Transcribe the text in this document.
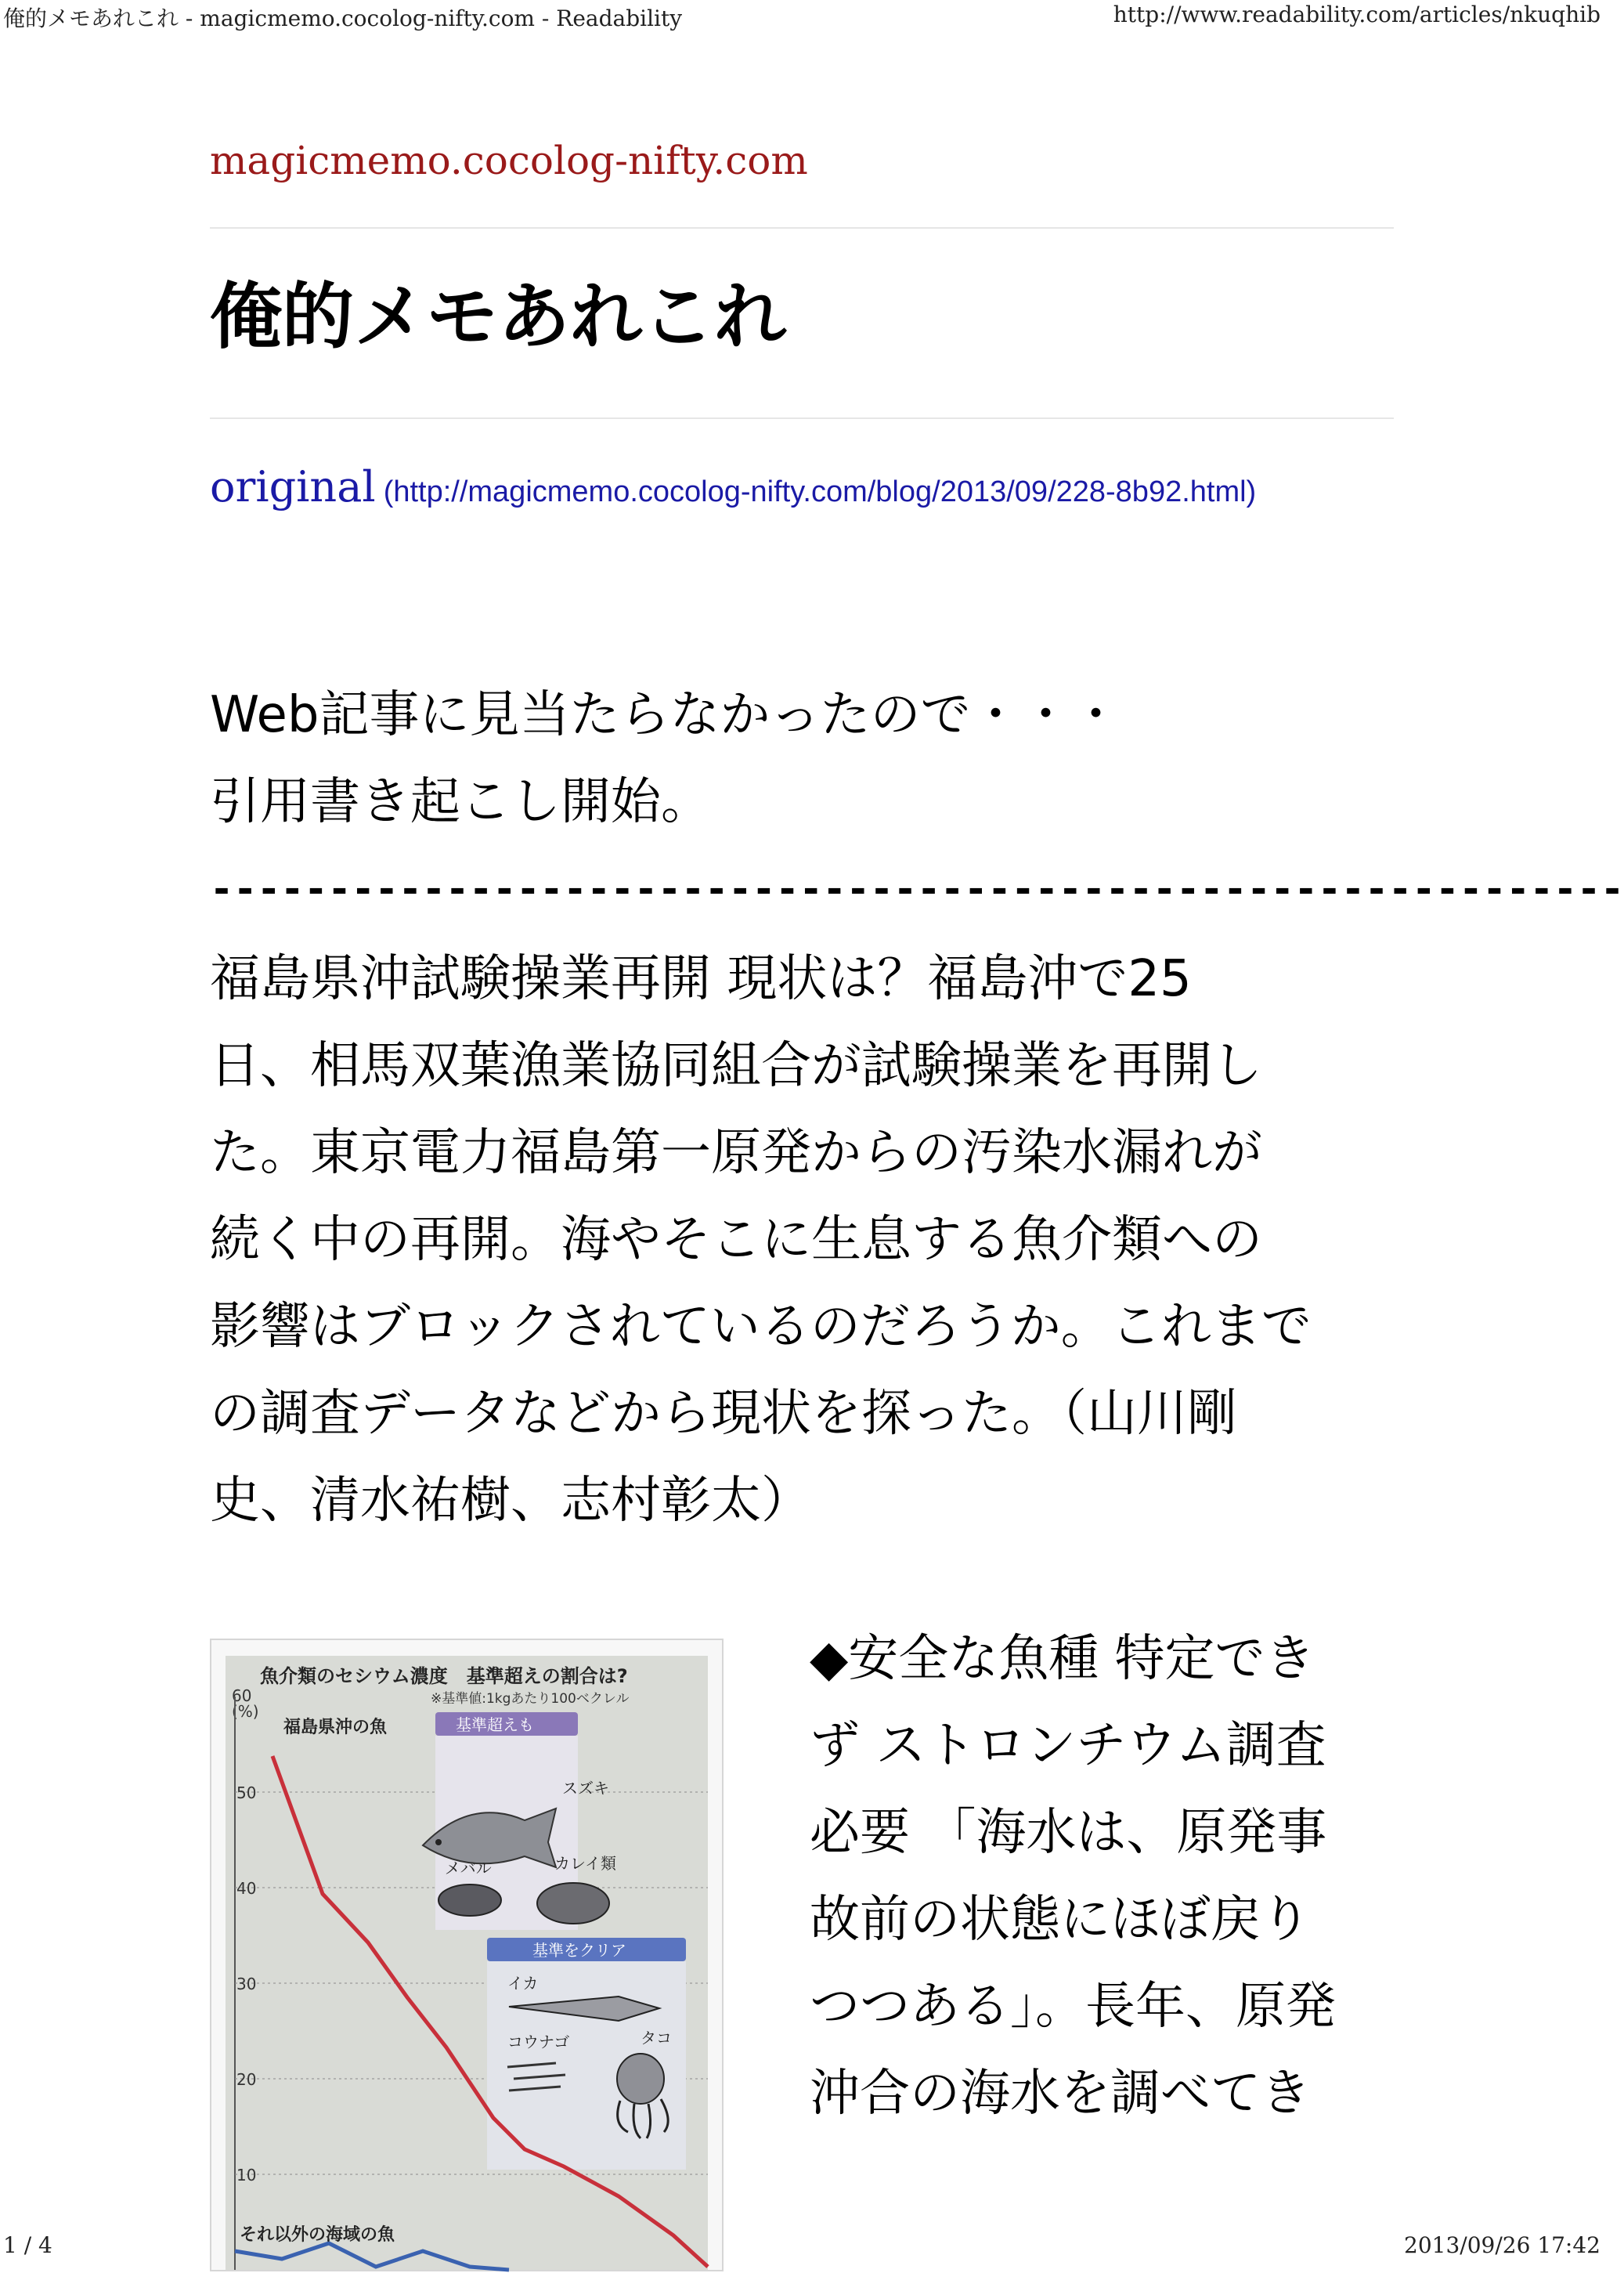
俺的メモあれこれ - magicmemo.cocolog-nifty.com - Readability	http://www.readability.com/articles/nkuqhib
magicmemo.cocolog-nifty.com
俺的メモあれこれ
original (http://magicmemo.cocolog-nifty.com/blog/2013/09/228-8b92.html)
Web記事に見当たらなかったので・・・
引用書き起こし開始。
------------------------------------------------------------
福島県沖試験操業再開 現状は？福島沖で25
日、相馬双葉漁業協同組合が試験操業を再開し
た。東京電力福島第一原発からの汚染水漏れが
続く中の再開。海やそこに生息する魚介類への
影響はブロックされているのだろうか。これまで
の調査データなどから現状を探った。（山川剛
史、清水祐樹、志村彰太）
魚介類のセシウム濃度　基準超えの割合は?
※基準値:1kgあたり100ベクレル
60
(%)
50
40
30
20
10
福島県沖の魚	基準超えも
スズキ
メバル	カレイ類
基準をクリア
イカ
コウナゴ	タコ
それ以外の海域の魚
◆安全な魚種 特定でき
ず ストロンチウム調査
必要 「海水は、原発事
故前の状態にほぼ戻り
つつある」。長年、原発
沖合の海水を調べてき
1 / 4	2013/09/26 17:42
